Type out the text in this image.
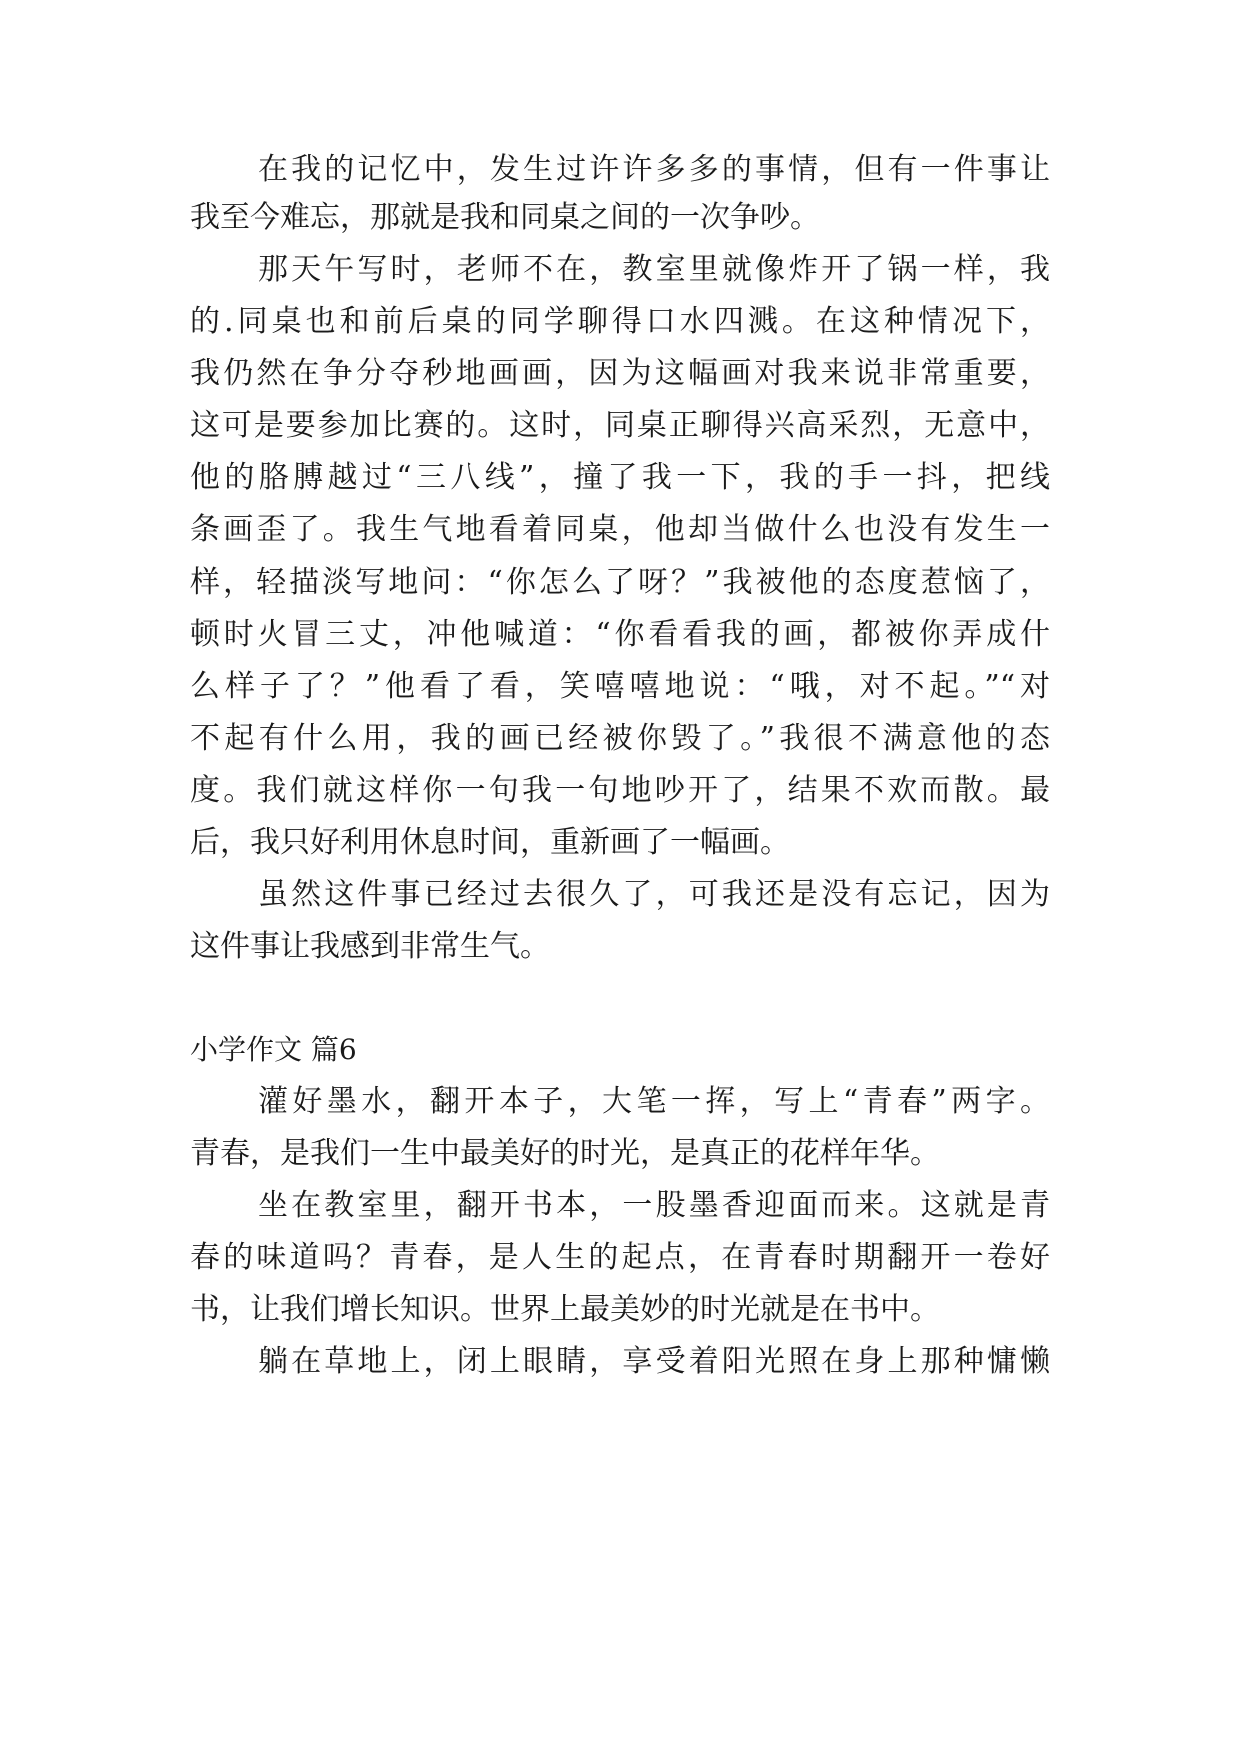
在我的记忆中，发生过许许多多的事情，但有一件事让
我至今难忘，那就是我和同桌之间的一次争吵。
那天午写时，老师不在，教室里就像炸开了锅一样，我
的.同桌也和前后桌的同学聊得口水四溅。在这种情况下，
我仍然在争分夺秒地画画，因为这幅画对我来说非常重要，
这可是要参加比赛的。这时，同桌正聊得兴高采烈，无意中，
他的胳膊越过“三八线”，撞了我一下，我的手一抖，把线
条画歪了。我生气地看着同桌，他却当做什么也没有发生一
样，轻描淡写地问：“你怎么了呀？”我被他的态度惹恼了，
顿时火冒三丈，冲他喊道：“你看看我的画，都被你弄成什
么样子了？”他看了看，笑嘻嘻地说：“哦，对不起。”“对
不起有什么用，我的画已经被你毁了。”我很不满意他的态
度。我们就这样你一句我一句地吵开了，结果不欢而散。最
后，我只好利用休息时间，重新画了一幅画。
虽然这件事已经过去很久了，可我还是没有忘记，因为
这件事让我感到非常生气。
小学作文 篇6
灌好墨水，翻开本子，大笔一挥，写上“青春”两字。
青春，是我们一生中最美好的时光，是真正的花样年华。
坐在教室里，翻开书本，一股墨香迎面而来。这就是青
春的味道吗？青春，是人生的起点，在青春时期翻开一卷好
书，让我们增长知识。世界上最美妙的时光就是在书中。
躺在草地上，闭上眼睛，享受着阳光照在身上那种慵懒
